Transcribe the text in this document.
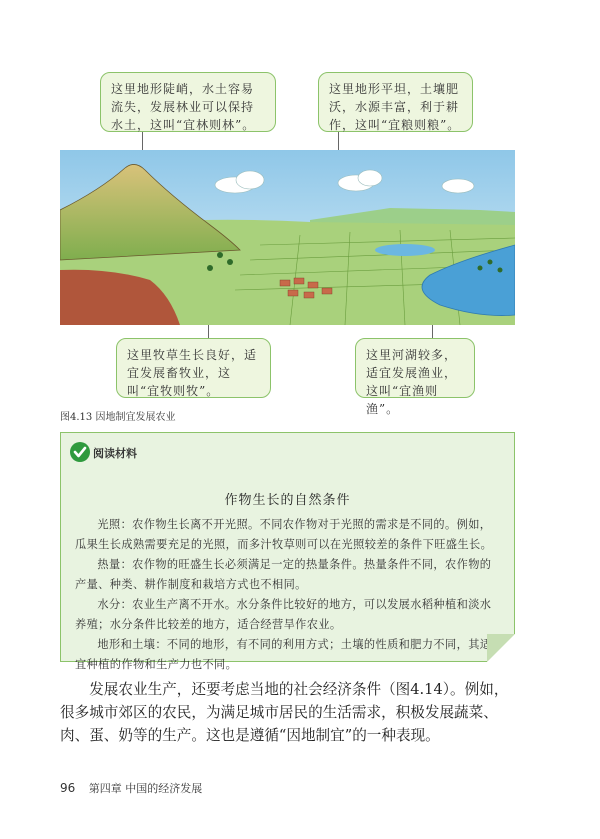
这里地形陡峭，水土容易流失，发展林业可以保持水土，这叫“宜林则林”。
这里地形平坦，土壤肥沃，水源丰富，利于耕作，这叫“宜粮则粮”。
这里牧草生长良好，适宜发展畜牧业，这叫“宜牧则牧”。
这里河湖较多，适宜发展渔业，这叫“宜渔则渔”。
图4.13 因地制宜发展农业
阅读材料
作物生长的自然条件

光照：农作物生长离不开光照。不同农作物对于光照的需求是不同的。例如，瓜果生长成熟需要充足的光照，而多汁牧草则可以在光照较差的条件下旺盛生长。

热量：农作物的旺盛生长必须满足一定的热量条件。热量条件不同，农作物的产量、种类、耕作制度和栽培方式也不相同。

水分：农业生产离不开水。水分条件比较好的地方，可以发展水稻种植和淡水养殖；水分条件比较差的地方，适合经营旱作农业。

地形和土壤：不同的地形，有不同的利用方式；土壤的性质和肥力不同，其适宜种植的作物和生产力也不同。

发展农业生产，还要考虑当地的社会经济条件（图4.14）。例如，很多城市郊区的农民，为满足城市居民的生活需求，积极发展蔬菜、肉、蛋、奶等的生产。这也是遵循“因地制宜”的一种表现。
96 第四章 中国的经济发展
